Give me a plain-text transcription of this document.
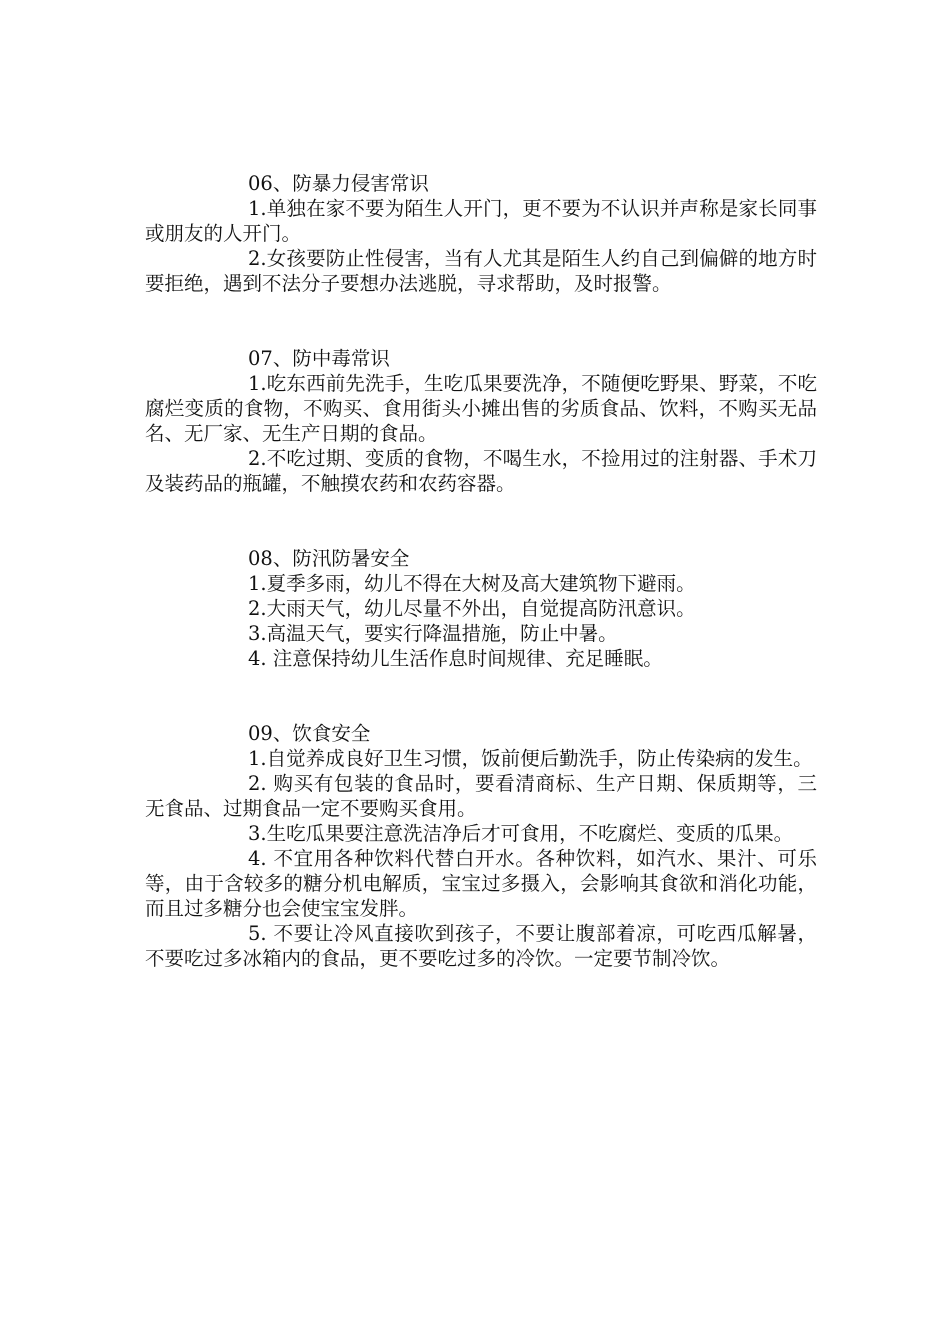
06、防暴力侵害常识

1.单独在家不要为陌生人开门，更不要为不认识并声称是家长同事或朋友的人开门。

2.女孩要防止性侵害，当有人尤其是陌生人约自己到偏僻的地方时要拒绝，遇到不法分子要想办法逃脱，寻求帮助，及时报警。

07、防中毒常识

1.吃东西前先洗手，生吃瓜果要洗净，不随便吃野果、野菜，不吃腐烂变质的食物，不购买、食用街头小摊出售的劣质食品、饮料，不购买无品名、无厂家、无生产日期的食品。

2.不吃过期、变质的食物，不喝生水，不捡用过的注射器、手术刀及装药品的瓶罐，不触摸农药和农药容器。

08、防汛防暑安全

1.夏季多雨，幼儿不得在大树及高大建筑物下避雨。

2.大雨天气，幼儿尽量不外出，自觉提高防汛意识。

3.高温天气，要实行降温措施，防止中暑。

4. 注意保持幼儿生活作息时间规律、充足睡眠。

09、饮食安全

1.自觉养成良好卫生习惯，饭前便后勤洗手，防止传染病的发生。

2. 购买有包装的食品时，要看清商标、生产日期、保质期等，三无食品、过期食品一定不要购买食用。

3.生吃瓜果要注意洗洁净后才可食用，不吃腐烂、变质的瓜果。

4. 不宜用各种饮料代替白开水。各种饮料，如汽水、果汁、可乐等，由于含较多的糖分机电解质，宝宝过多摄入，会影响其食欲和消化功能，而且过多糖分也会使宝宝发胖。

5. 不要让冷风直接吹到孩子，不要让腹部着凉，可吃西瓜解暑，不要吃过多冰箱内的食品，更不要吃过多的冷饮。一定要节制冷饮。
